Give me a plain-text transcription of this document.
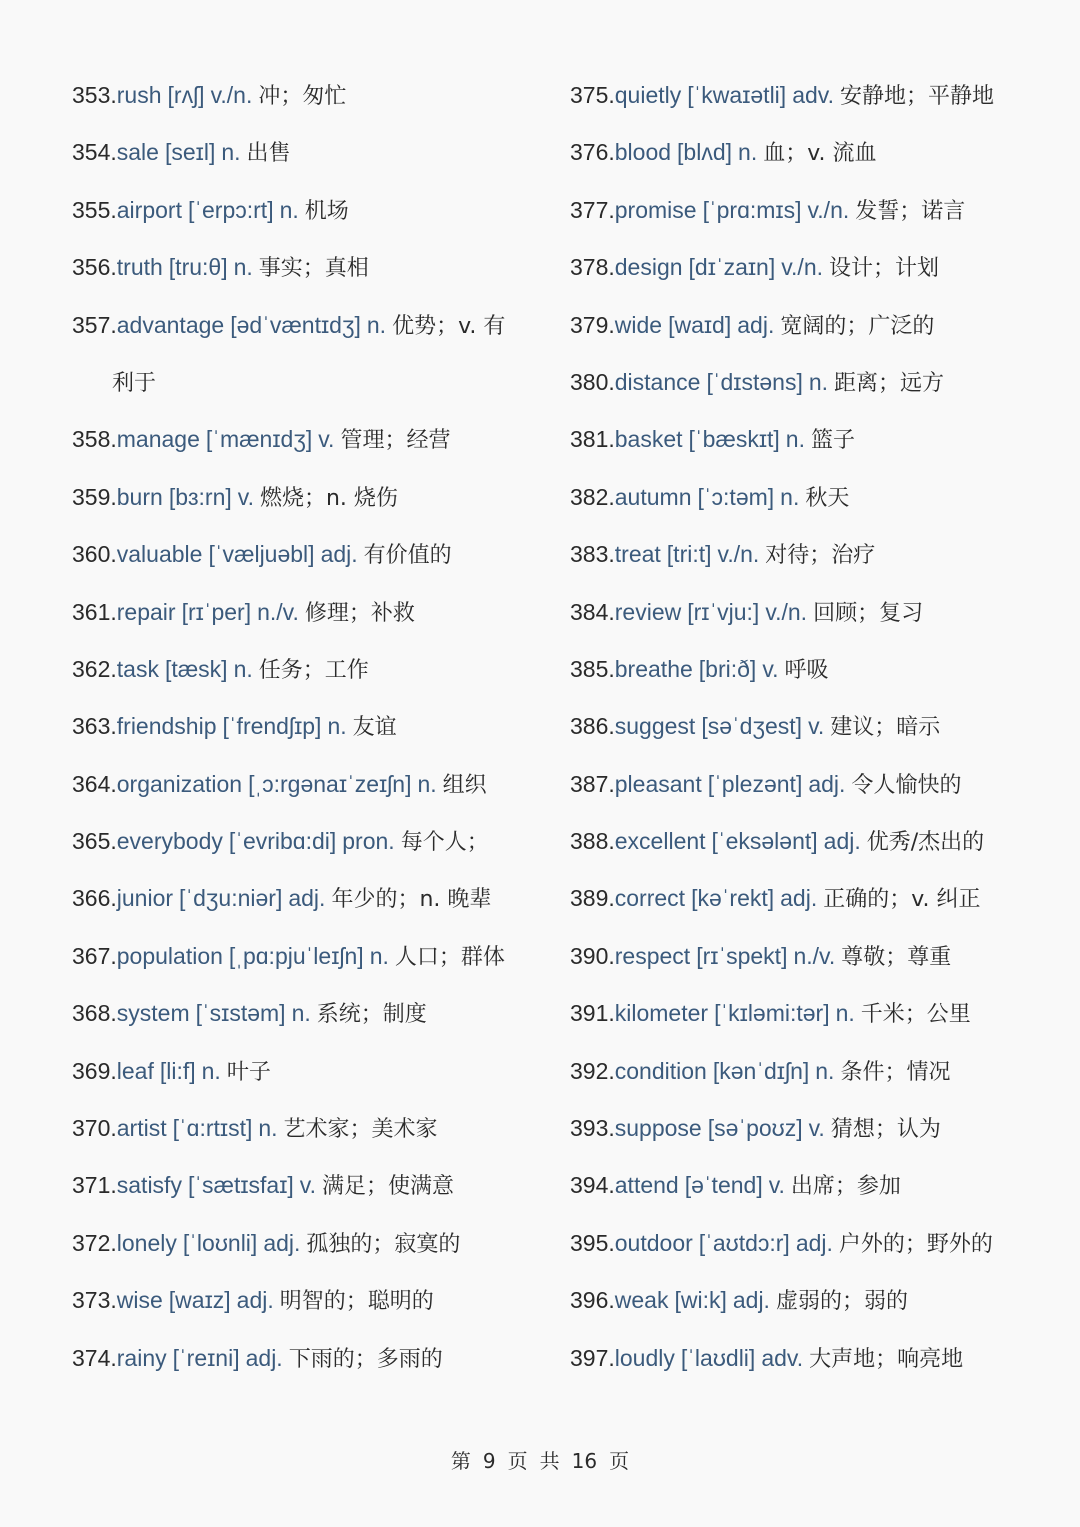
353.rush [rʌʃ] v./n. 冲；匆忙
354.sale [seɪl] n. 出售
355.airport [ˈerpɔ:rt] n. 机场
356.truth [tru:θ] n. 事实；真相
357.advantage [ədˈvæntɪdʒ] n. 优势；v. 有
利于
358.manage [ˈmænɪdʒ] v. 管理；经营
359.burn [bɜ:rn] v. 燃烧；n. 烧伤
360.valuable [ˈvæljuəbl] adj. 有价值的
361.repair [rɪˈper] n./v. 修理；补救
362.task [tæsk] n. 任务；工作
363.friendship [ˈfrendʃɪp] n. 友谊
364.organization [ˌɔ:rgənaɪˈzeɪʃn] n. 组织
365.everybody [ˈevribɑ:di] pron. 每个人；
366.junior [ˈdʒu:niər] adj. 年少的；n. 晚辈
367.population [ˌpɑ:pjuˈleɪʃn] n. 人口；群体
368.system [ˈsɪstəm] n. 系统；制度
369.leaf [li:f] n. 叶子
370.artist [ˈɑ:rtɪst] n. 艺术家；美术家
371.satisfy [ˈsætɪsfaɪ] v. 满足；使满意
372.lonely [ˈloʊnli] adj. 孤独的；寂寞的
373.wise [waɪz] adj. 明智的；聪明的
374.rainy [ˈreɪni] adj. 下雨的；多雨的
375.quietly [ˈkwaɪətli] adv. 安静地；平静地
376.blood [blʌd] n. 血；v. 流血
377.promise [ˈprɑ:mɪs] v./n. 发誓；诺言
378.design [dɪˈzaɪn] v./n. 设计；计划
379.wide [waɪd] adj. 宽阔的；广泛的
380.distance [ˈdɪstəns] n. 距离；远方
381.basket [ˈbæskɪt] n. 篮子
382.autumn [ˈɔ:təm] n. 秋天
383.treat [tri:t] v./n. 对待；治疗
384.review [rɪˈvju:] v./n. 回顾；复习
385.breathe [bri:ð] v. 呼吸
386.suggest [səˈdʒest] v. 建议；暗示
387.pleasant [ˈplezənt] adj. 令人愉快的
388.excellent [ˈeksələnt] adj. 优秀/杰出的
389.correct [kəˈrekt] adj. 正确的；v. 纠正
390.respect [rɪˈspekt] n./v. 尊敬；尊重
391.kilometer [ˈkɪləmi:tər] n. 千米；公里
392.condition [kənˈdɪʃn] n. 条件；情况
393.suppose [səˈpoʊz] v. 猜想；认为
394.attend [əˈtend] v. 出席；参加
395.outdoor [ˈaʊtdɔ:r] adj. 户外的；野外的
396.weak [wi:k] adj. 虚弱的；弱的
397.loudly [ˈlaʊdli] adv. 大声地；响亮地
第 9 页 共 16 页
